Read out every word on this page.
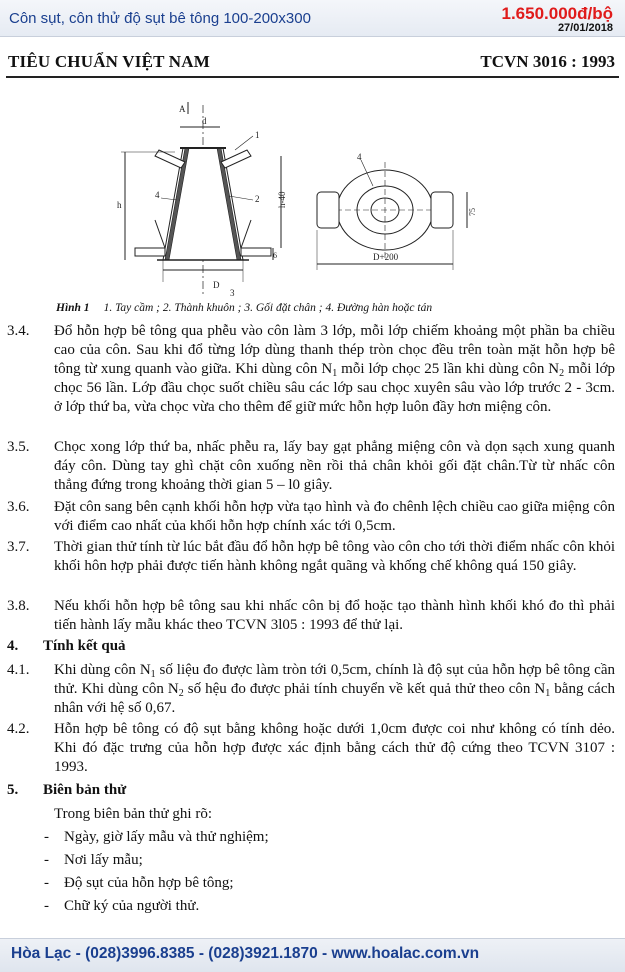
Côn sụt, côn thử độ sụt bê tông 100-200x300	1.650.000đ/bộ
27/01/2018
TIÊU CHUẨN VIỆT NAM	TCVN 3016 : 1993
A
d
h	h-40
6
D
3
1
2
4
75
D+200
4
Hình 1 1. Tay cầm ; 2. Thành khuôn ; 3. Gối đặt chân ; 4. Đường hàn hoặc tán
3.4. Đổ hỗn hợp bê tông qua phễu vào côn làm 3 lớp, mỗi lớp chiếm khoảng một phần ba chiều cao của côn. Sau khi đổ từng lớp dùng thanh thép tròn chọc đều trên toàn mặt hỗn hợp bê tông từ xung quanh vào giữa. Khi dùng côn $N_1$ mỗi lớp chọc 25 lần khi dùng côn $N_2$ mỗi lớp chọc 56 lần. Lớp đầu chọc suốt chiều sâu các lớp sau chọc xuyên sâu vào lớp trước 2 - 3cm. ở lớp thứ ba, vừa chọc vừa cho thêm để giữ mức hỗn hợp luôn đầy hơn miệng côn.
3.5. Chọc xong lớp thứ ba, nhấc phễu ra, lấy bay gạt phẳng miệng côn và dọn sạch xung quanh đáy côn. Dùng tay ghì chặt côn xuống nền rồi thả chân khỏi gối đặt chân.Từ từ nhấc côn thẳng đứng trong khoảng thời gian 5 – l0 giây.
3.6. Đặt côn sang bên cạnh khối hỗn hợp vừa tạo hình và đo chênh lệch chiều cao giữa miệng côn với điểm cao nhất của khối hỗn hợp chính xác tới 0,5cm.
3.7. Thời gian thử tính từ lúc bắt đầu đổ hỗn hợp bê tông vào côn cho tới thời điểm nhấc côn khỏi khối hôn hợp phải được tiến hành không ngắt quãng và khống chế không quá 150 giây.
3.8. Nếu khối hỗn hợp bê tông sau khi nhấc côn bị đổ hoặc tạo thành hình khối khó đo thì phải tiến hành lấy mẫu khác theo TCVN 3l05 : 1993 để thử lại.
4. Tính kết quả
4.1. Khi dùng côn $N_1$ số liệu đo được làm tròn tới 0,5cm, chính là độ sụt của hỗn hợp bê tông cần thử. Khi dùng côn $N_2$ số hệu đo được phải tính chuyển về kết quả thử theo côn $N_1$ bằng cách nhân với hệ số 0,67.
4.2. Hỗn hợp bê tông có độ sụt bằng không hoặc dưới 1,0cm được coi như không có tính dẻo. Khi đó đặc trưng của hỗn hợp được xác định bằng cách thử độ cứng theo TCVN 3107 : 1993.
5. Biên bản thử
Trong biên bản thử ghi rõ:
- Ngày, giờ lấy mẫu và thử nghiệm;
- Nơi lấy mẫu;
- Độ sụt của hỗn hợp bê tông;
- Chữ ký của người thử.
Hòa Lạc - (028)3996.8385 - (028)3921.1870 - www.hoalac.com.vn
